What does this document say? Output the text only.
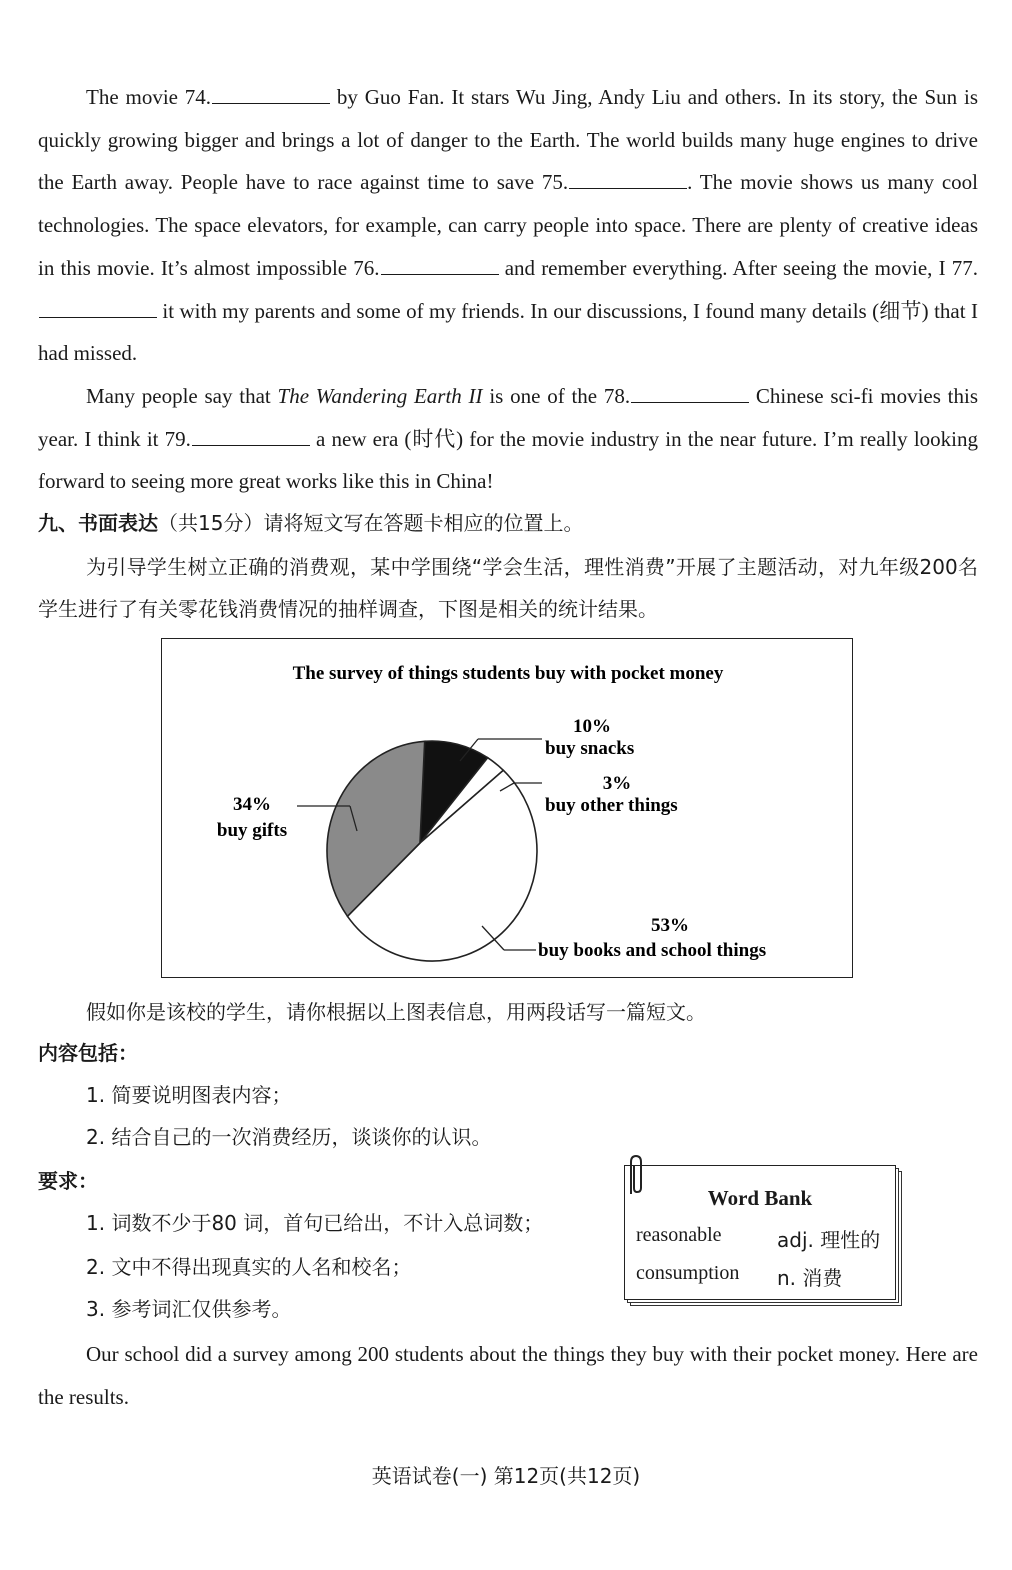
The movie 74.	by Guo Fan. It stars Wu Jing, Andy Liu and others. In its story, the Sun is quickly growing bigger and brings a lot of danger to the Earth. The world builds many huge engines to drive the Earth away. People have to race against time to save 75.	. The movie shows us many cool technologies. The space elevators, for example, can carry people into space. There are plenty of creative ideas in this movie. It’s almost impossible 76.	and remember everything. After seeing the movie, I 77. it with my parents and some of my friends. In our discussions, I found many details (细节) that I had missed.

Many people say that The Wandering Earth II is one of the 78.	Chinese sci-fi movies this year. I think it 79.	a new era (时代) for the movie industry in the near future. I’m really looking forward to seeing more great works like this in China!

九、书面表达（共15分）请将短文写在答题卡相应的位置上。

为引导学生树立正确的消费观，某中学围绕“学会生活，理性消费”开展了主题活动，对九年级200名学生进行了有关零花钱消费情况的抽样调查，下图是相关的统计结果。

The survey of things students buy with pocket money
10%
buy snacks
3%
buy other things
34%
buy gifts
53%
buy books and school things

假如你是该校的学生，请你根据以上图表信息，用两段话写一篇短文。

内容包括：
1. 简要说明图表内容；
2. 结合自己的一次消费经历，谈谈你的认识。
要求：
1. 词数不少于80 词，首句已给出，不计入总词数；
2. 文中不得出现真实的人名和校名；
3. 参考词汇仅供参考。
Word Bank
reasonable	adj. 理性的
consumption n. 消费

Our school did a survey among 200 students about the things they buy with their pocket money. Here are the results.

英语试卷(一) 第12页(共12页)
